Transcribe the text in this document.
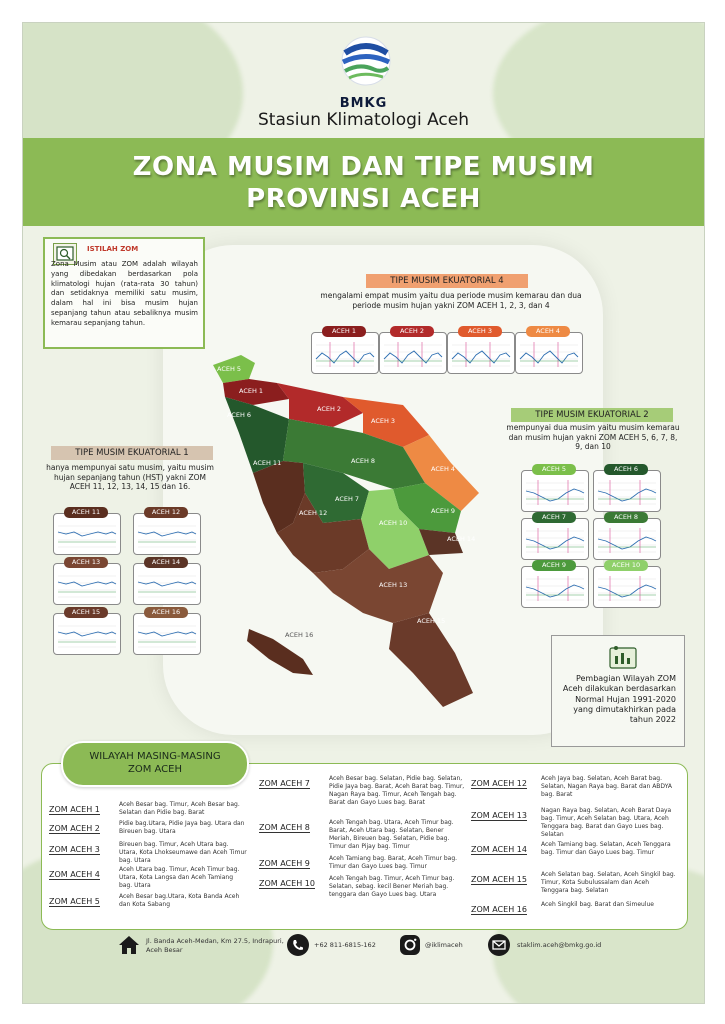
BMKG
Stasiun Klimatologi Aceh
ZONA MUSIM DAN TIPE MUSIM
PROVINSI ACEH
ISTILAH ZOM
Zona Musim atau ZOM adalah wilayah yang dibedakan berdasarkan pola klimatologi hujan (rata-rata 30 tahun) dan setidaknya memiliki satu musim, dalam hal ini bisa musim hujan sepanjang tahun atau sebaliknya musim kemarau sepanjang tahun.
TIPE MUSIM EKUATORIAL 4
mengalami empat musim yaitu dua periode musim kemarau dan dua periode musim hujan yakni ZOM ACEH 1, 2, 3, dan 4
ACEH 1	ACEH 2	ACEH 3	ACEH 4
TIPE MUSIM EKUATORIAL 2
mempunyai dua musim yaitu musim kemarau dan musim hujan yakni ZOM ACEH 5, 6, 7, 8, 9, dan 10
ACEH 5	ACEH 6
ACEH 7	ACEH 8
ACEH 9	ACEH 10
TIPE MUSIM EKUATORIAL 1
hanya mempunyai satu musim, yaitu musim hujan sepanjang tahun (HST) yakni ZOM ACEH 11, 12, 13, 14, 15 dan 16.
ACEH 11	ACEH 12
ACEH 13	ACEH 14
ACEH 15	ACEH 16
ACEH 5
ACEH 1
ACEH 2
ACEH 3
ACEH 6
ACEH 11	ACEH 8
ACEH 4
ACEH 7
ACEH 9
ACEH 12
ACEH 10
ACEH 14
ACEH 13
ACEH 15
ACEH 16
Pembagian Wilayah ZOM Aceh dilakukan berdasarkan Normal Hujan 1991-2020 yang dimutakhirkan pada tahun 2022
WILAYAH MASING-MASING
ZOM ACEH
ZOM ACEH 1
Aceh Besar bag. Timur, Aceh Besar bag. Selatan dan Pidie bag. Barat
ZOM ACEH 2
Pidie bag.Utara, Pidie Jaya bag. Utara dan Bireuen bag. Utara
ZOM ACEH 3
Bireuen bag. Timur, Aceh Utara bag. Utara, Kota Lhokseumawe dan Aceh Timur bag. Utara
ZOM ACEH 4
Aceh Utara bag. Timur, Aceh Timur bag. Utara, Kota Langsa dan Aceh Tamiang bag. Utara
ZOM ACEH 5
Aceh Besar bag.Utara, Kota Banda Aceh dan Kota Sabang
ZOM ACEH 7
Aceh Besar bag. Selatan, Pidie bag. Selatan, Pidie Jaya bag. Barat, Aceh Barat bag. Timur, Nagan Raya bag. Timur, Aceh Tengah bag. Barat dan Gayo Lues bag. Barat
ZOM ACEH 8
Aceh Tengah bag. Utara, Aceh Timur bag. Barat, Aceh Utara bag. Selatan, Bener Meriah, Bireuen bag. Selatan, Pidie bag. Timur dan Pijay bag. Timur
ZOM ACEH 9
Aceh Tamiang bag. Barat, Aceh Timur bag. Timur dan Gayo Lues bag. Timur
ZOM ACEH 10
Aceh Tengah bag. Timur, Aceh Timur bag. Selatan, sebag. kecil Bener Meriah bag. tenggara dan Gayo Lues bag. Utara
ZOM ACEH 12
Aceh Jaya bag. Selatan, Aceh Barat bag. Selatan, Nagan Raya bag. Barat dan ABDYA bag. Barat
ZOM ACEH 13
Nagan Raya bag. Selatan, Aceh Barat Daya bag. Timur, Aceh Selatan bag. Utara, Aceh Tenggara bag. Barat dan Gayo Lues bag. Selatan
ZOM ACEH 14
Aceh Tamiang bag. Selatan, Aceh Tenggara bag. Timur dan Gayo Lues bag. Timur
ZOM ACEH 15
Aceh Selatan bag. Selatan, Aceh Singkil bag. Timur, Kota Subulussalam dan Aceh Tenggara bag. Selatan
ZOM ACEH 16
Aceh Singkil bag. Barat dan Simeulue
Jl. Banda Aceh-Medan, Km 27.5, Indrapuri, Aceh Besar
+62 811-6815-162	@iklimaceh	staklim.aceh@bmkg.go.id
